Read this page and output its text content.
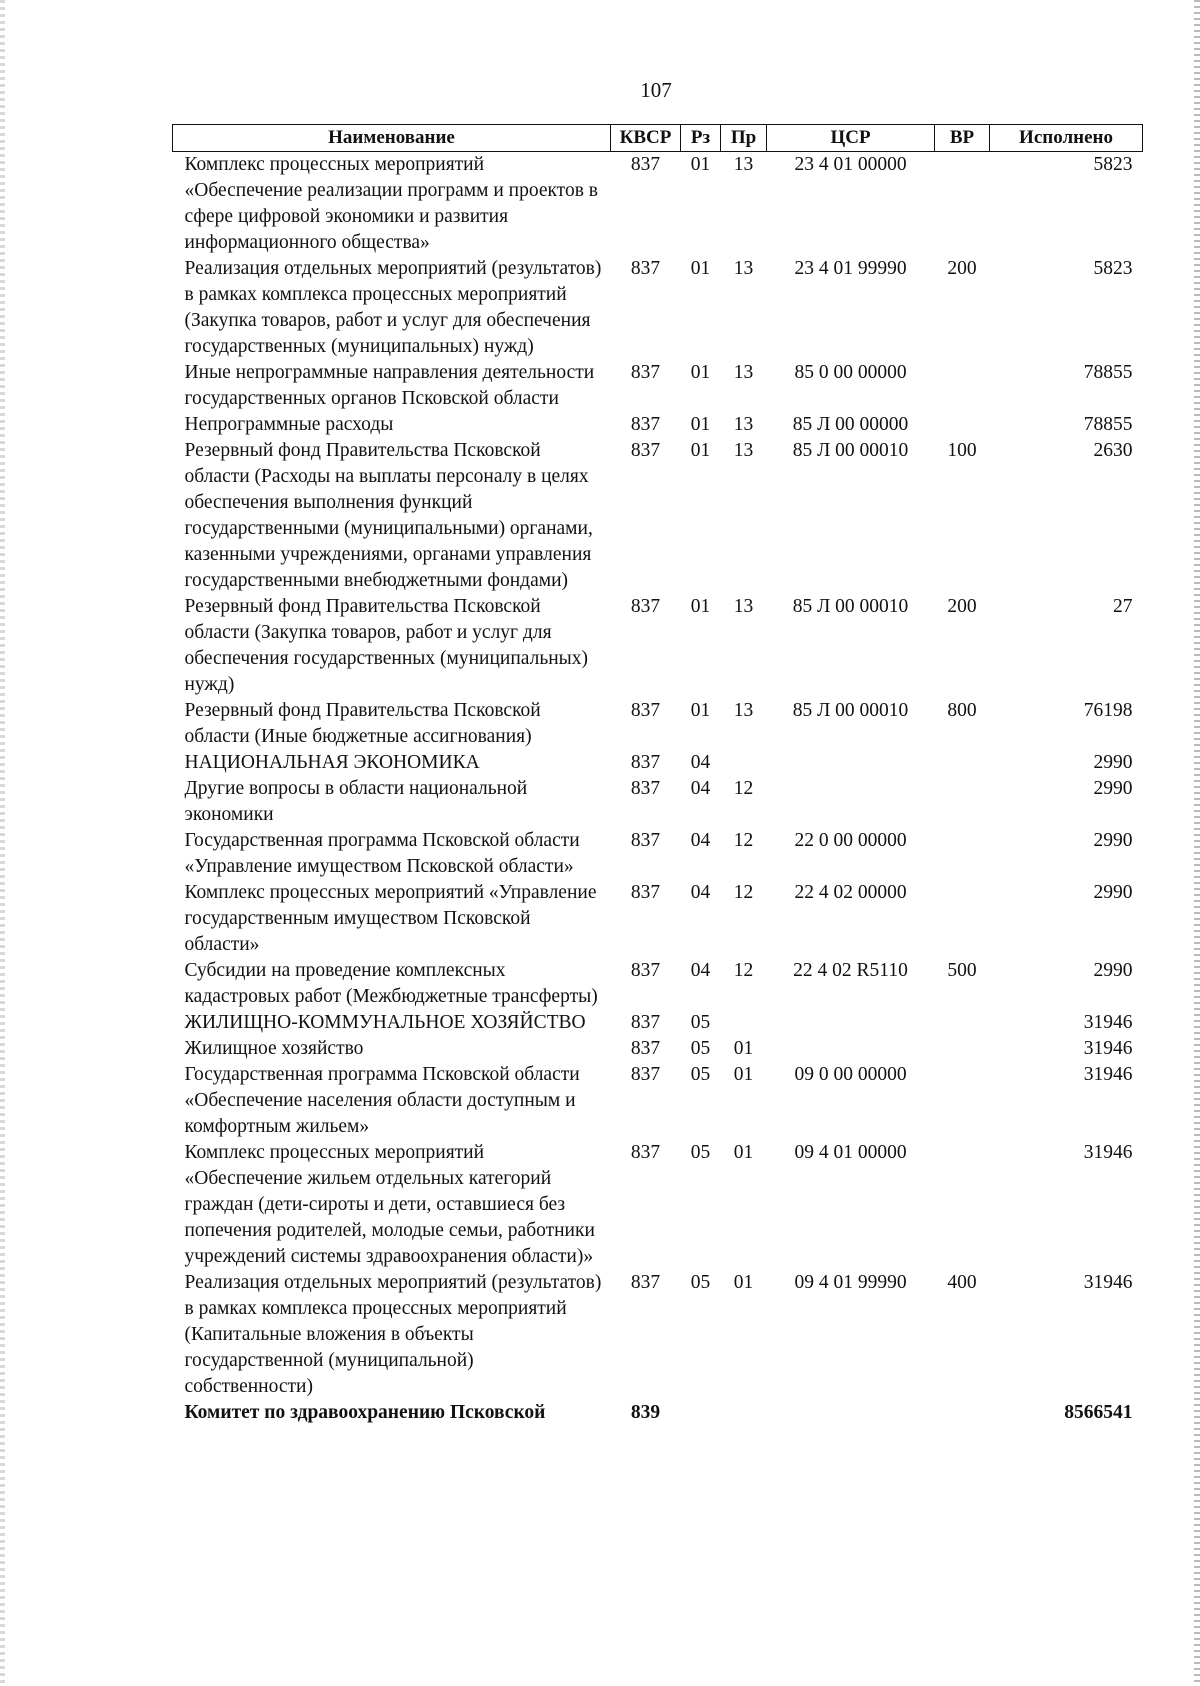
107
Наименование	КВСР	Рз	Пр	ЦСР	ВР	Исполнено
Комплекс процессных мероприятий «Обеспечение реализации программ и проектов в сфере цифровой экономики и развития информационного общества»	837	01	13	23 4 01 00000		5823
Реализация отдельных мероприятий (результатов) в рамках комплекса процессных мероприятий (Закупка товаров, работ и услуг для обеспечения государственных (муниципальных) нужд)	837	01	13	23 4 01 99990	200	5823
Иные непрограммные направления деятельности государственных органов Псковской области	837	01	13	85 0 00 00000		78855
Непрограммные расходы	837	01	13	85 Л 00 00000		78855
Резервный фонд Правительства Псковской области (Расходы на выплаты персоналу в целях обеспечения выполнения функций государственными (муниципальными) органами, казенными учреждениями, органами управления государственными внебюджетными фондами)	837	01	13	85 Л 00 00010	100	2630
Резервный фонд Правительства Псковской области (Закупка товаров, работ и услуг для обеспечения государственных (муниципальных) нужд)	837	01	13	85 Л 00 00010	200	27
Резервный фонд Правительства Псковской области (Иные бюджетные ассигнования)	837	01	13	85 Л 00 00010	800	76198
НАЦИОНАЛЬНАЯ ЭКОНОМИКА	837	04				2990
Другие вопросы в области национальной экономики	837	04	12			2990
Государственная программа Псковской области «Управление имуществом Псковской области»	837	04	12	22 0 00 00000		2990
Комплекс процессных мероприятий «Управление государственным имуществом Псковской области»	837	04	12	22 4 02 00000		2990
Субсидии на проведение комплексных кадастровых работ (Межбюджетные трансферты)	837	04	12	22 4 02 R5110	500	2990
ЖИЛИЩНО-КОММУНАЛЬНОЕ ХОЗЯЙСТВО	837	05				31946
Жилищное хозяйство	837	05	01			31946
Государственная программа Псковской области «Обеспечение населения области доступным и комфортным жильем»	837	05	01	09 0 00 00000		31946
Комплекс процессных мероприятий «Обеспечение жильем отдельных категорий граждан (дети-сироты и дети, оставшиеся без попечения родителей, молодые семьи, работники учреждений системы здравоохранения области)»	837	05	01	09 4 01 00000		31946
Реализация отдельных мероприятий (результатов) в рамках комплекса процессных мероприятий (Капитальные вложения в объекты государственной (муниципальной) собственности)	837	05	01	09 4 01 99990	400	31946
Комитет по здравоохранению Псковской	839					8566541
